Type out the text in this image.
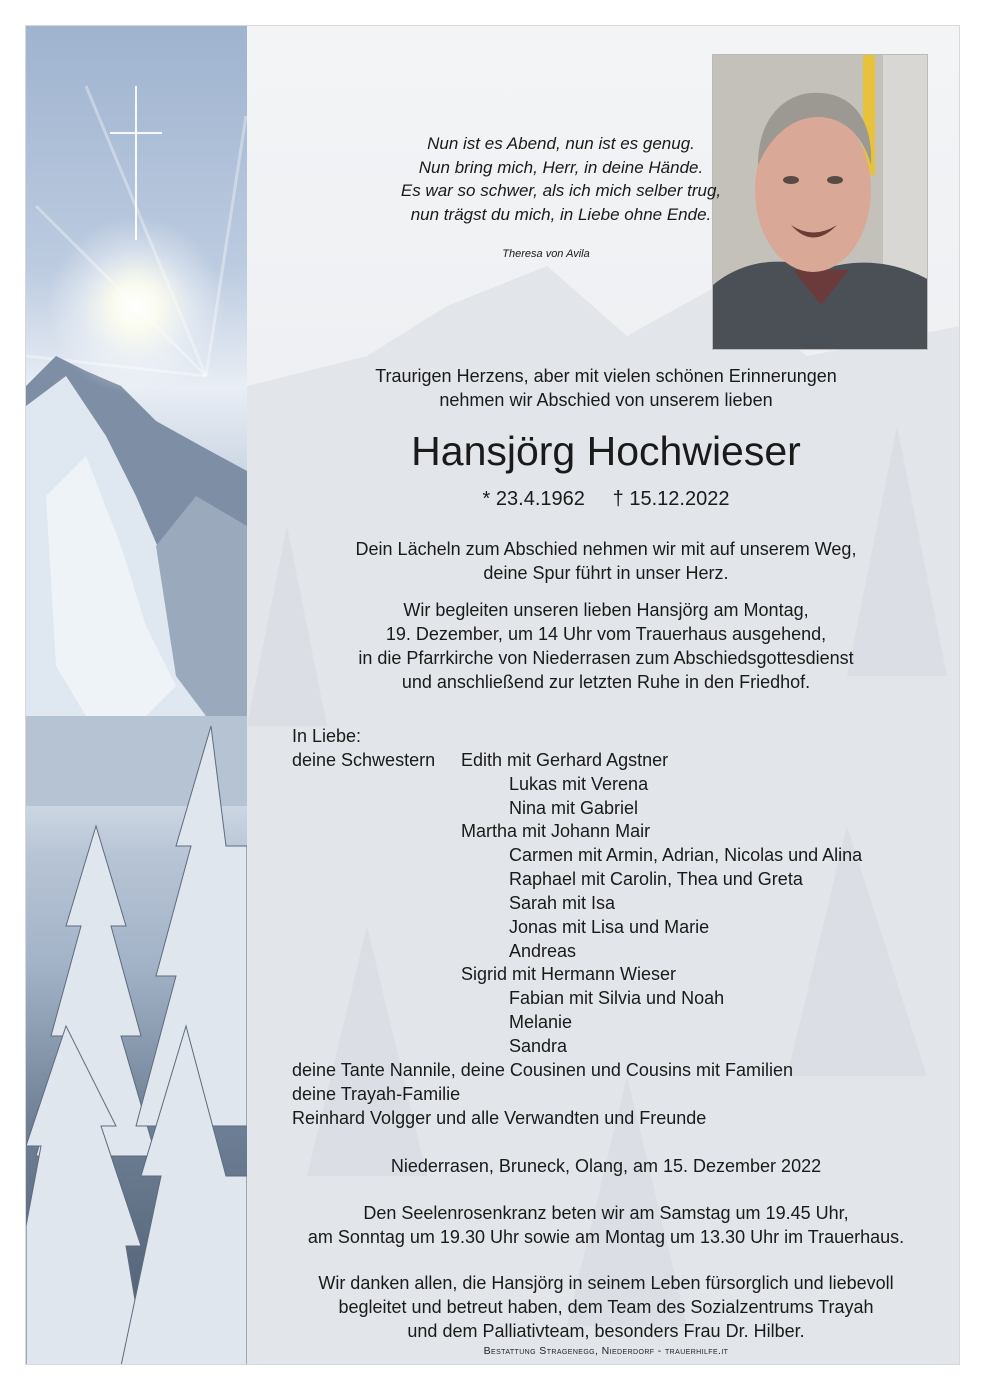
Nun ist es Abend, nun ist es genug.
Nun bring mich, Herr, in deine Hände.
Es war so schwer, als ich mich selber trug,
nun trägst du mich, in Liebe ohne Ende.
Theresa von Avila
Traurigen Herzens, aber mit vielen schönen Erinnerungen
nehmen wir Abschied von unserem lieben
Hansjörg Hochwieser
* 23.4.1962 † 15.12.2022
Dein Lächeln zum Abschied nehmen wir mit auf unserem Weg,
deine Spur führt in unser Herz.
Wir begleiten unseren lieben Hansjörg am Montag,
19. Dezember, um 14 Uhr vom Trauerhaus ausgehend,
in die Pfarrkirche von Niederrasen zum Abschiedsgottesdienst
und anschließend zur letzten Ruhe in den Friedhof.
In Liebe:
deine Schwestern	Edith mit Gerhard Agstner
Lukas mit Verena
Nina mit Gabriel
Martha mit Johann Mair
Carmen mit Armin, Adrian, Nicolas und Alina
Raphael mit Carolin, Thea und Greta
Sarah mit Isa
Jonas mit Lisa und Marie
Andreas
Sigrid mit Hermann Wieser
Fabian mit Silvia und Noah
Melanie
Sandra
deine Tante Nannile, deine Cousinen und Cousins mit Familien
deine Trayah-Familie
Reinhard Volgger und alle Verwandten und Freunde
Niederrasen, Bruneck, Olang, am 15. Dezember 2022
Den Seelenrosenkranz beten wir am Samstag um 19.45 Uhr,
am Sonntag um 19.30 Uhr sowie am Montag um 13.30 Uhr im Trauerhaus.
Wir danken allen, die Hansjörg in seinem Leben fürsorglich und liebevoll
begleitet und betreut haben, dem Team des Sozialzentrums Trayah
und dem Palliativteam, besonders Frau Dr. Hilber.
Bestattung Stragenegg, Niederdorf - trauerhilfe.it
